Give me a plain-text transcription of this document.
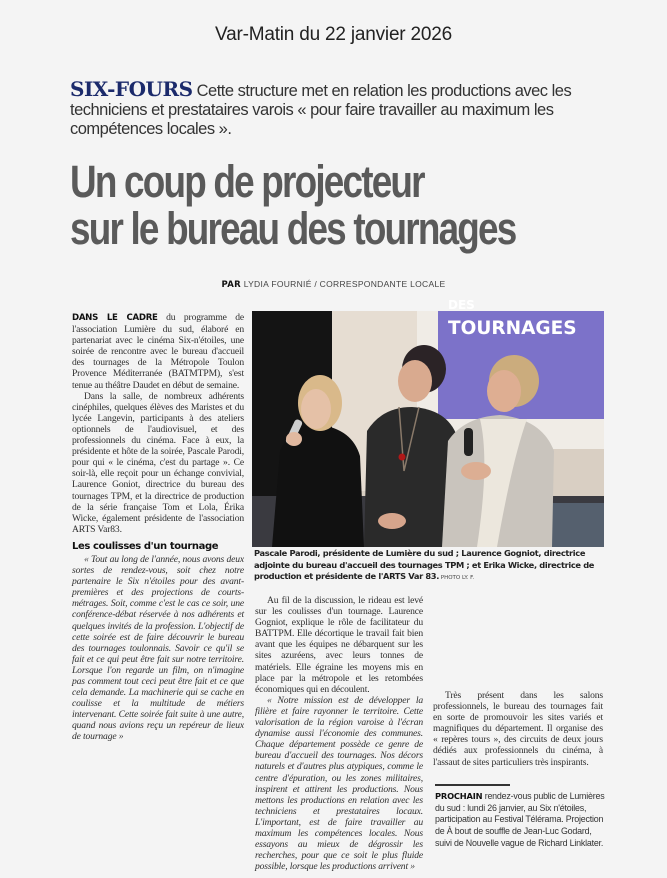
Var-Matin du 22 janvier 2026
SIX-FOURS Cette structure met en relation les productions avec les techniciens et prestataires varois « pour faire travailler au maximum les compétences locales ».
Un coup de projecteur
sur le bureau des tournages
PAR LYDIA FOURNIÉ / CORRESPONDANTE LOCALE

DANS LE CADRE du programme de l'association Lumière du sud, élaboré en partenariat avec le cinéma Six-n'étoiles, une soirée de rencontre avec le bureau d'accueil des tournages de la Métropole Toulon Provence Méditerranée (BATMTPM), s'est tenue au théâtre Daudet en début de semaine.

Dans la salle, de nombreux adhérents cinéphiles, quelques élèves des Maristes et du lycée Langevin, participants à des ateliers optionnels de l'audiovisuel, et des professionnels du cinéma. Face à eux, la présidente et hôte de la soirée, Pascale Parodi, pour qui « le cinéma, c'est du partage ». Ce soir-là, elle reçoit pour un échange convivial, Laurence Goniot, directrice du bureau des tournages TPM, et la directrice de production de la série française Tom et Lola, Érika Wicke, également présidente de l'association ARTS Var83.

Les coulisses d'un tournage

« Tout au long de l'année, nous avons deux sortes de rendez-vous, soit chez notre partenaire le Six n'étoiles pour des avant-premières et des projections de courts-métrages. Soit, comme c'est le cas ce soir, une conférence-débat réservée à nos adhérents et quelques invités de la profession. L'objectif de cette soirée est de faire découvrir le bureau des tournages toulonnais. Savoir ce qu'il se fait et ce qui peut être fait sur notre territoire. Lorsque l'on regarde un film, on n'imagine pas comment tout ceci peut être fait et ce que cela demande. La machinerie qui se cache en coulisse et la multitude de métiers intervenant. Cette soirée fait suite à une autre, quand nous avions reçu un repéreur de lieux de tournage »

DES
TOURNAGES
Pascale Parodi, présidente de Lumière du sud ; Laurence Gogniot, directrice adjointe du bureau d'accueil des tournages TPM ; et Erika Wicke, directrice de production et présidente de l'ARTS Var 83. PHOTO LY. F.

Au fil de la discussion, le rideau est levé sur les coulisses d'un tournage. Laurence Gogniot, explique le rôle de facilitateur du BATTPM. Elle décortique le travail fait bien avant que les équipes ne débarquent sur les sites azuréens, avec leurs tonnes de matériels. Elle égraine les moyens mis en place par la métropole et les retombées économiques qui en découlent.

« Notre mission est de développer la filière et faire rayonner le territoire. Cette valorisation de la région varoise à l'écran dynamise aussi l'économie des communes. Chaque département possède ce genre de bureau d'accueil des tournages. Nos décors naturels et d'autres plus atypiques, comme le centre d'épuration, ou les zones militaires, inspirent et attirent les productions. Nous mettons les productions en relation avec les techniciens et prestataires locaux. L'important, est de faire travailler au maximum les compétences locales. Nous essayons au mieux de dégrossir les recherches, pour que ce soit le plus fluide possible, lorsque les productions arrivent »

Très présent dans les salons professionnels, le bureau des tournages fait en sorte de promouvoir les sites variés et magnifiques du département. Il organise des « repères tours », des circuits de deux jours dédiés aux professionnels du cinéma, à l'assaut de sites particuliers très inspirants.

PROCHAIN rendez-vous public de Lumières du sud : lundi 26 janvier, au Six n'étoiles, participation au Festival Télérama. Projection de À bout de souffle de Jean-Luc Godard, suivi de Nouvelle vague de Richard Linklater.
